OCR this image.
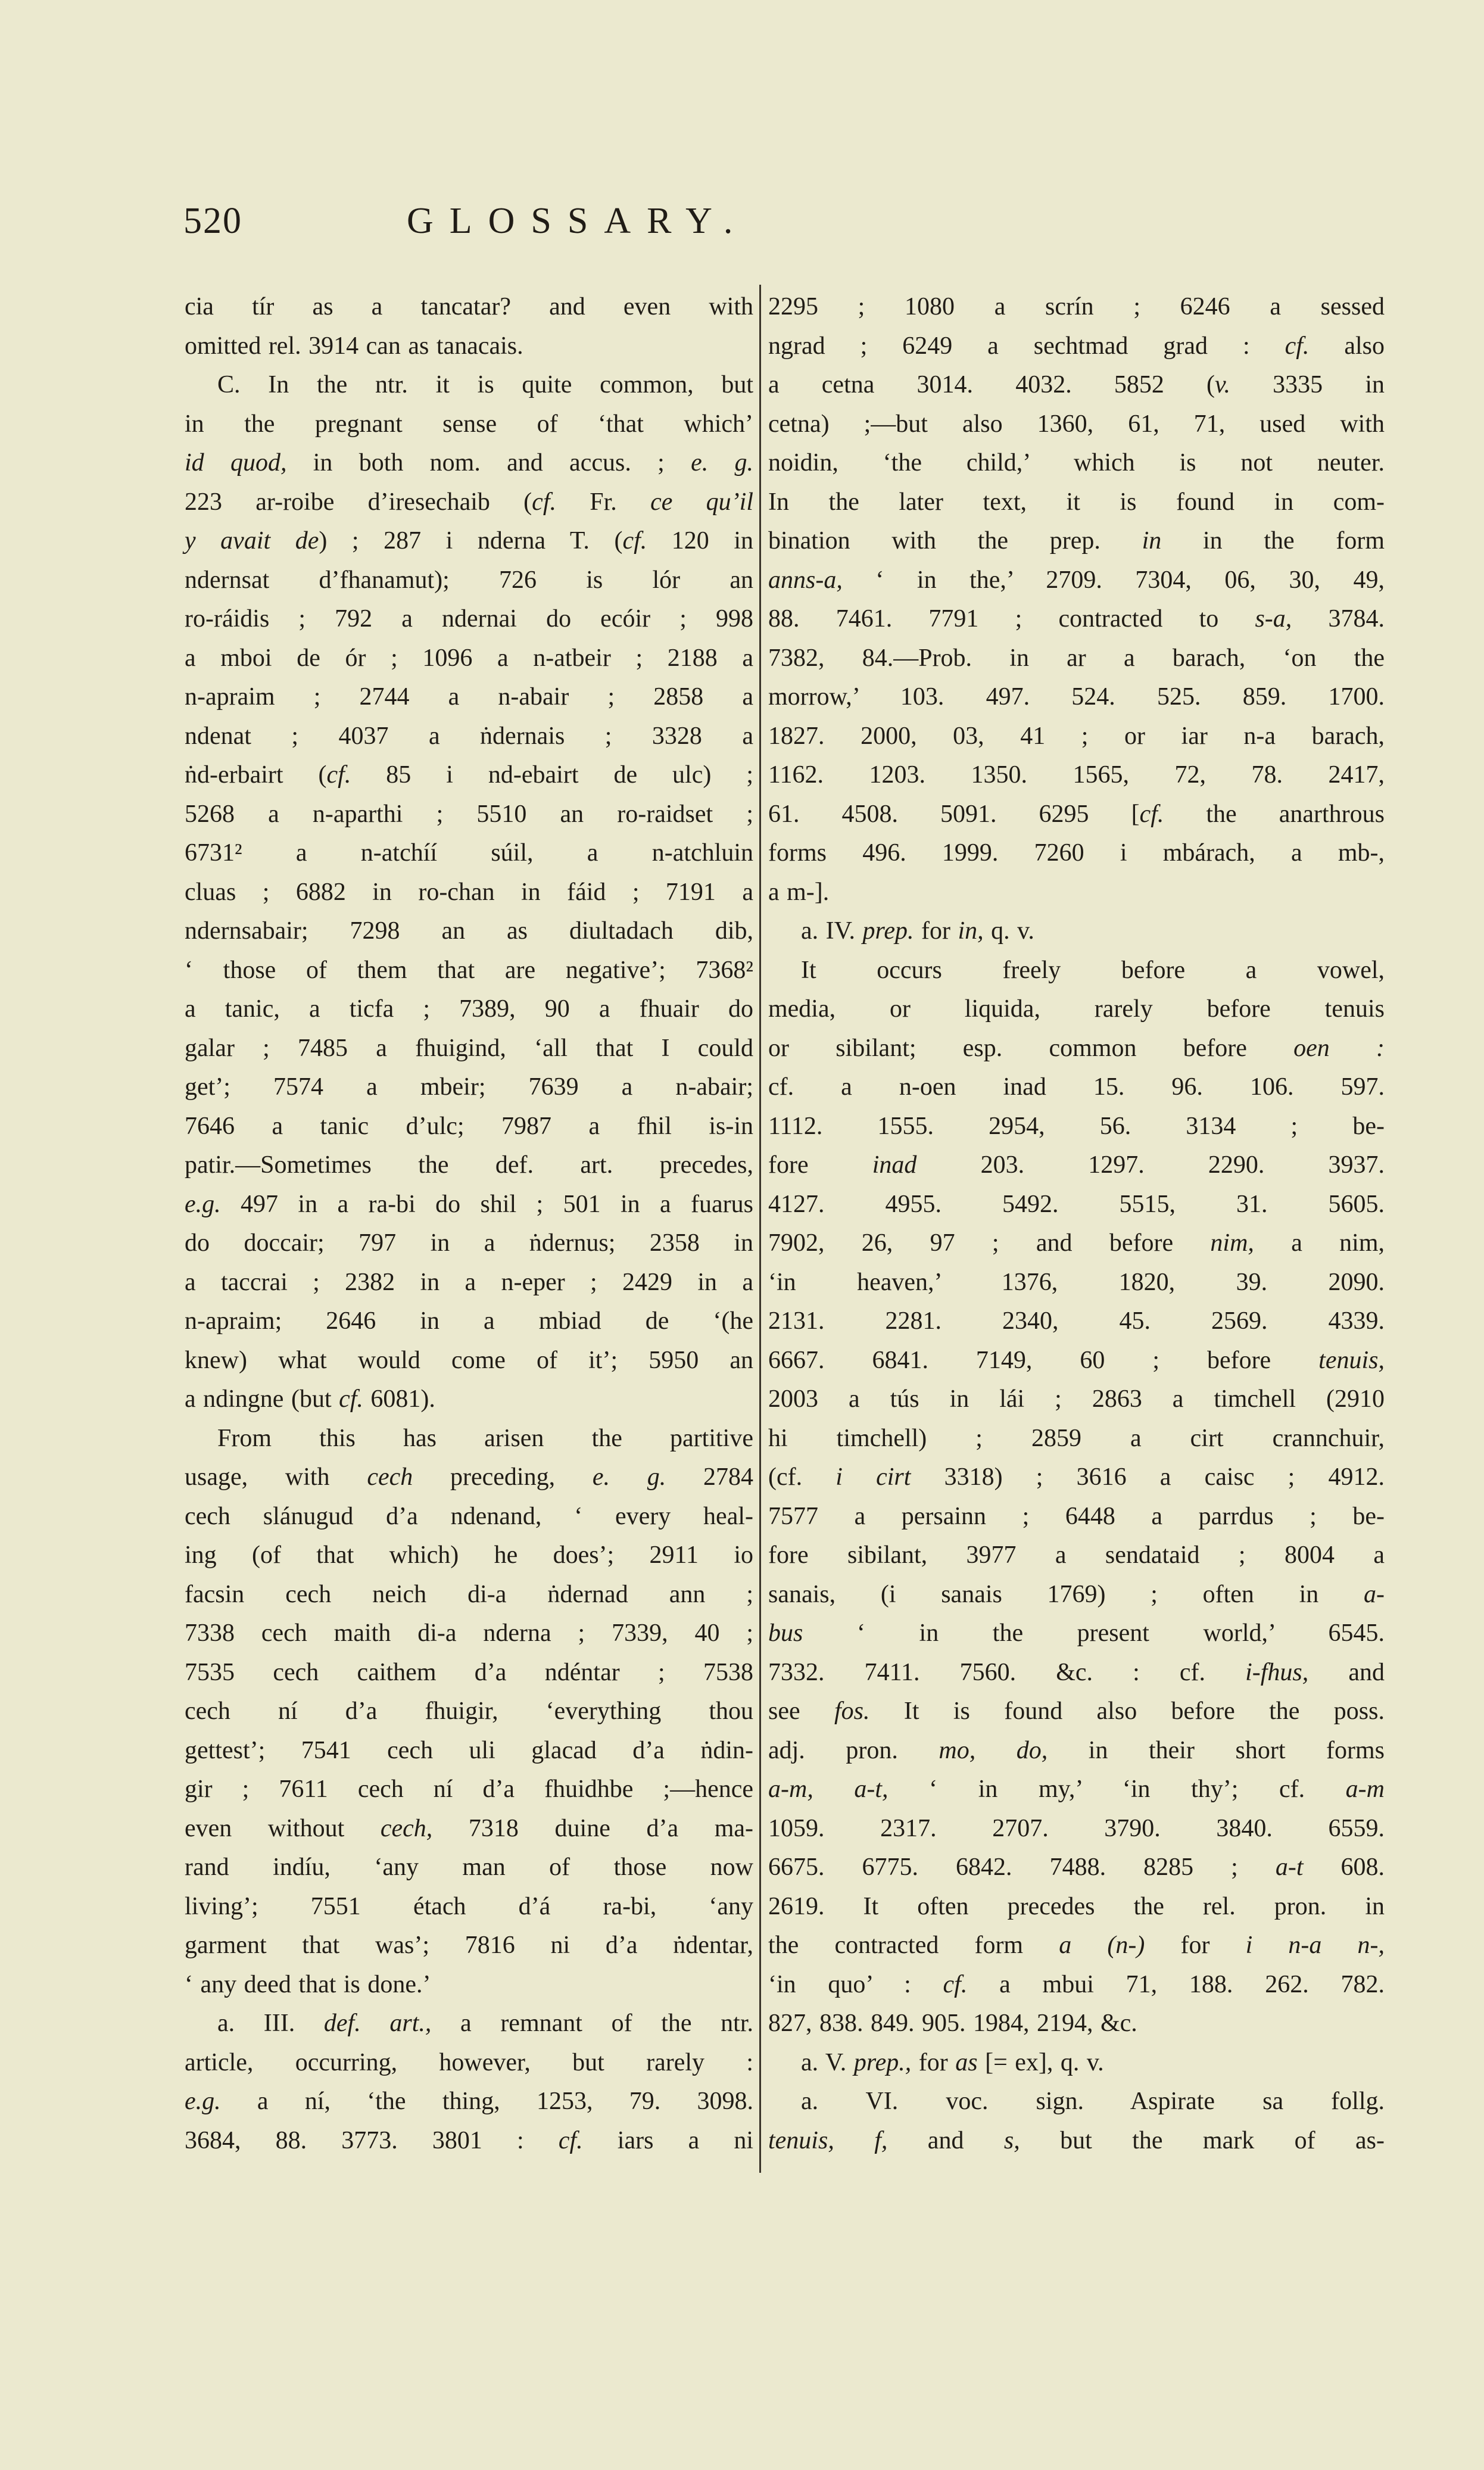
520	GLOSSARY.
cia tír as a tancatar? and even with
omitted rel. 3914 can as tanacais.
C. In the ntr. it is quite common, but
in the pregnant sense of ‘that which’
id quod, in both nom. and accus. ; e. g.
223 ar-roibe d’iresechaib (cf. Fr. ce qu’il
y avait de) ; 287 i nderna T. (cf. 120 in
ndernsat d’fhanamut); 726 is lór an
ro-ráidis ; 792 a ndernai do ecóir ; 998
a mboi de ór ; 1096 a n-atbeir ; 2188 a
n-apraim ; 2744 a n-abair ; 2858 a
ndenat ; 4037 a ṅdernais ; 3328 a
ṅd-erbairt (cf. 85 i nd-ebairt de ulc) ;
5268 a n-aparthi ; 5510 an ro-raidset ;
6731² a n-atchíí súil, a n-atchluin
cluas ; 6882 in ro-chan in fáid ; 7191 a
ndernsabair; 7298 an as diultadach dib,
‘ those of them that are negative’; 7368²
a tanic, a ticfa ; 7389, 90 a fhuair do
galar ; 7485 a fhuigind, ‘all that I could
get’; 7574 a mbeir; 7639 a n-abair;
7646 a tanic d’ulc; 7987 a fhil is-in
patir.—Sometimes the def. art. precedes,
e.g. 497 in a ra-bi do shil ; 501 in a fuarus
do doccair; 797 in a ṅdernus; 2358 in
a taccrai ; 2382 in a n-eper ; 2429 in a
n-apraim; 2646 in a mbiad de ‘(he
knew) what would come of it’; 5950 an
a ndingne (but cf. 6081).
From this has arisen the partitive
usage, with cech preceding, e. g. 2784
cech slánugud d’a ndenand, ‘ every heal-
ing (of that which) he does’; 2911 io
facsin cech neich di-a ṅdernad ann ;
7338 cech maith di-a nderna ; 7339, 40 ;
7535 cech caithem d’a ndéntar ; 7538
cech ní d’a fhuigir, ‘everything thou
gettest’; 7541 cech uli glacad d’a ṅdin-
gir ; 7611 cech ní d’a fhuidhbe ;—hence
even without cech, 7318 duine d’a ma-
rand indíu, ‘any man of those now
living’; 7551 étach d’á ra-bi, ‘any
garment that was’; 7816 ni d’a ṅdentar,
‘ any deed that is done.’
a. III. def. art., a remnant of the ntr.
article, occurring, however, but rarely :
e.g. a ní, ‘the thing, 1253, 79. 3098.
3684, 88. 3773. 3801 : cf. iars a ni
2295 ; 1080 a scrín ; 6246 a sessed
ngrad ; 6249 a sechtmad grad : cf. also
a cetna 3014. 4032. 5852 (v. 3335 in
cetna) ;—but also 1360, 61, 71, used with
noidin, ‘the child,’ which is not neuter.
In the later text, it is found in com-
bination with the prep. in in the form
anns-a, ‘ in the,’ 2709. 7304, 06, 30, 49,
88. 7461. 7791 ; contracted to s-a, 3784.
7382, 84.—Prob. in ar a barach, ‘on the
morrow,’ 103. 497. 524. 525. 859. 1700.
1827. 2000, 03, 41 ; or iar n-a barach,
1162. 1203. 1350. 1565, 72, 78. 2417,
61. 4508. 5091. 6295 [cf. the anarthrous
forms 496. 1999. 7260 i mbárach, a mb-,
a m-].
a. IV. prep. for in, q. v.
It occurs freely before a vowel,
media, or liquida, rarely before tenuis
or sibilant; esp. common before oen :
cf. a n-oen inad 15. 96. 106. 597.
1112. 1555. 2954, 56. 3134 ; be-
fore inad 203. 1297. 2290. 3937.
4127. 4955. 5492. 5515, 31. 5605.
7902, 26, 97 ; and before nim, a nim,
‘in heaven,’ 1376, 1820, 39. 2090.
2131. 2281. 2340, 45. 2569. 4339.
6667. 6841. 7149, 60 ; before tenuis,
2003 a tús in lái ; 2863 a timchell (2910
hi timchell) ; 2859 a cirt crannchuir,
(cf. i cirt 3318) ; 3616 a caisc ; 4912.
7577 a persainn ; 6448 a parrdus ; be-
fore sibilant, 3977 a sendataid ; 8004 a
sanais, (i sanais 1769) ; often in a-
bus ‘ in the present world,’ 6545.
7332. 7411. 7560. &c. : cf. i-fhus, and
see fos. It is found also before the poss.
adj. pron. mo, do, in their short forms
a-m, a-t, ‘ in my,’ ‘in thy’; cf. a-m
1059. 2317. 2707. 3790. 3840. 6559.
6675. 6775. 6842. 7488. 8285 ; a-t 608.
2619. It often precedes the rel. pron. in
the contracted form a (n-) for i n-a n-,
‘in quo’ : cf. a mbui 71, 188. 262. 782.
827, 838. 849. 905. 1984, 2194, &c.
a. V. prep., for as [= ex], q. v.
a. VI. voc. sign. Aspirate sa follg.
tenuis, f, and s, but the mark of as-
